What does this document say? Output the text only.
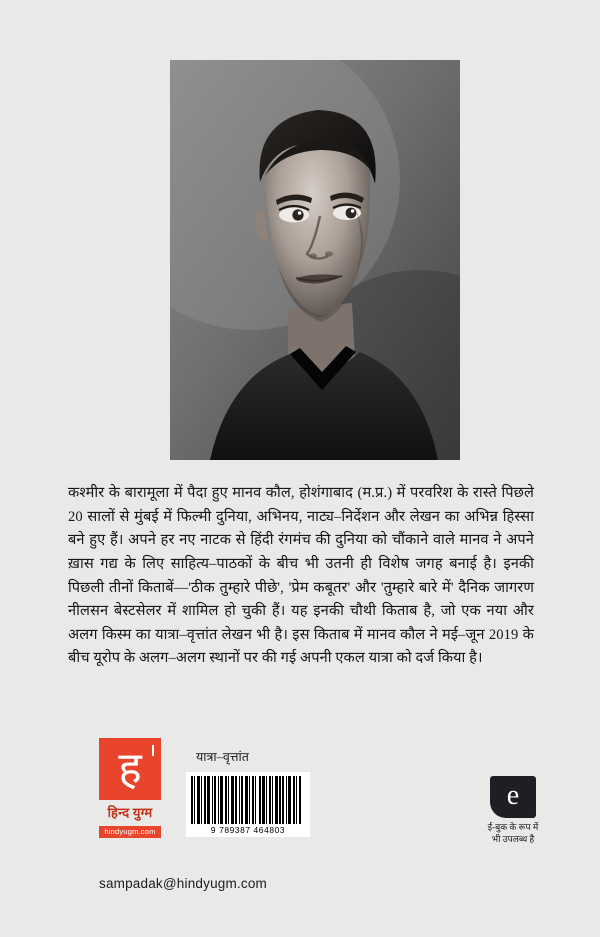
कश्मीर के बारामूला में पैदा हुए मानव कौल, होशंगाबाद (म.प्र.) में परवरिश के रास्ते पिछले 20 सालों से मुंबई में फिल्मी दुनिया, अभिनय, नाट्य–निर्देशन और लेखन का अभिन्न हिस्सा बने हुए हैं। अपने हर नए नाटक से हिंदी रंगमंच की दुनिया को चौंकाने वाले मानव ने अपने ख़ास गद्य के लिए साहित्य–पाठकों के बीच भी उतनी ही विशेष जगह बनाई है। इनकी पिछली तीनों किताबें—'ठीक तुम्हारे पीछे', 'प्रेम कबूतर' और 'तुम्हारे बारे में' दैनिक जागरण नीलसन बेस्टसेलर में शामिल हो चुकी हैं। यह इनकी चौथी किताब है, जो एक नया और अलग किस्म का यात्रा–वृत्तांत लेखन भी है। इस किताब में मानव कौल ने मई–जून 2019 के बीच यूरोप के अलग–अलग स्थानों पर की गई अपनी एकल यात्रा को दर्ज किया है।
ह
हिन्द युग्म
hindyugm.com
यात्रा–वृत्तांत
9 789387 464803
e
ई-बुक के रूप में
भी उपलब्ध है
sampadak@hindyugm.com
